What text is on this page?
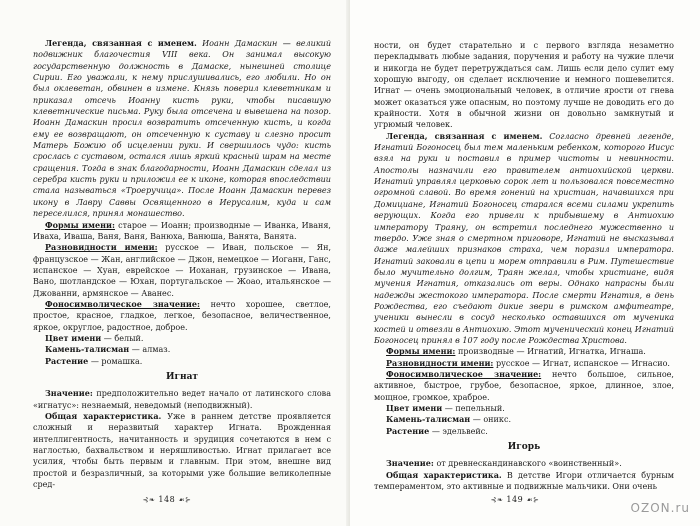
Легенда, связанная с именем. Иоанн Дамаскин — великий подвижник благочестия VIII века. Он занимал высокую государственную должность в Дамаске, нынешней столице Сирии. Его уважали, к нему прислушивались, его любили. Но он был оклеветан, обвинен в измене. Князь поверил клеветникам и приказал отсечь Иоанну кисть руки, чтобы писавшую клеветнические письма. Руку была отсечена и вывешена на позор. Иоанн Дамаскин просил возвратить отсеченную кисть, и когда ему ее возвращают, он отсеченную к суставу и слезно просит Матерь Божию об исцелении руки. И свершилось чудо: кисть срослась с суставом, остался лишь яркий красный шрам на месте сращения. Тогда в знак благодарности, Иоанн Дамаскин сделал из серебра кисть руки и приложил ее к иконе, которая впоследствии стала называться «Троеручица». После Иоанн Дамаскин перевез икону в Лавру Саввы Освященного в Иерусалим, куда и сам переселился, принял монашество.

Формы имени: старое — Иоанн; производные — Иванка, Иваня, Иваха, Иваша, Ваня, Ваня, Ванюха, Ванюша, Ванята, Ванята.

Разновидности имени: русское — Иван, польское — Ян, французское — Жан, английское — Джон, немецкое — Иоганн, Ганс, испанское — Хуан, еврейское — Иоханан, грузинское — Ивана, Вано, шотландское — Юхан, португальское — Жоао, итальянское — Джованни, армянское — Аванес.

Фоносимволическое значение: нечто хорошее, светлое, простое, красное, гладкое, легкое, безопасное, величественное, яркое, округлое, радостное, доброе.

Цвет имени — белый.

Камень-талисман — алмаз.

Растение — ромашка.

Игнат

Значение: предположительно ведет начало от латинского слова «игнатус»: незнаемый, неведомый (неподвижный).

Общая характеристика. Уже в раннем детстве проявляется сложный и неразвитый характер Игната. Врожденная интеллигентность, начитанность и эрудиция сочетаются в нем с наглостью, бахвальством и неряшливостью. Игнат прилагает все усилия, чтобы быть первым и главным. При этом, внешне вид простой и безразличный, за которыми уже большие великолепные сред-

⊰❧ 148 ☙⊱

ности, он будет старательно и с первого взгляда незаметно перекладывать любые задания, поручения и работу на чужие плечи и никогда не будет перетруждаться сам. Лишь если дело сулит ему хорошую выгоду, он сделает исключение и немного пошевелится. Игнат — очень эмоциональный человек, в отличие ярости от гнева может оказаться уже опасным, но поэтому лучше не доводить его до крайности. Хотя в обычной жизни он довольно замкнутый и угрюмый человек.

Легенда, связанная с именем. Согласно древней легенде, Игнатий Богоносец был тем маленьким ребенком, которого Иисус взял на руки и поставил в пример чистоты и невинности. Апостолы назначили его правителем антиохийской церкви. Игнатий управлял церковью сорок лет и пользовался повсеместно огромной славой. Во время гонений на христиан, начавшихся при Домициане, Игнатий Богоносец старался всеми силами укрепить верующих. Когда его привели к прибывшему в Антиохию императору Траяну, он встретил последнего мужественно и твердо. Уже зная о смертном приговоре, Игнатий не высказывал даже малейших признаков страха, чем поразил императора. Игнатий заковали в цепи и морем отправили в Рим. Путешествие было мучительно долгим, Траян желал, чтобы христиане, видя мучения Игнатия, отказались от веры. Однако напрасны были надежды жестокого императора. После смерти Игнатия, в день Рождества, его съедают дикие звери в римском амфитеатре, ученики вынесли в сосуд несколько оставшихся от мученика костей и отвезли в Антиохию. Этот мученический конец Игнатий Богоносец принял в 107 году после Рождества Христова.

Формы имени: производные — Игнатий, Игнатка, Игнаша.

Разновидности имени: русское — Игнат, испанское — Игнасио.

Фоносимволическое значение: нечто большое, сильное, активное, быстрое, грубое, безопасное, яркое, длинное, злое, мощное, громкое, храброе.

Цвет имени — пепельный.

Камень-талисман — оникс.

Растение — эдельвейс.

Игорь

Значение: от древнескандинавского «воинственный».

Общая характеристика. В детстве Игори отличается бурным темпераментом, это активные и подвижные мальчики. Они очень

⊰❧ 149 ☙⊱
OZON.ru
